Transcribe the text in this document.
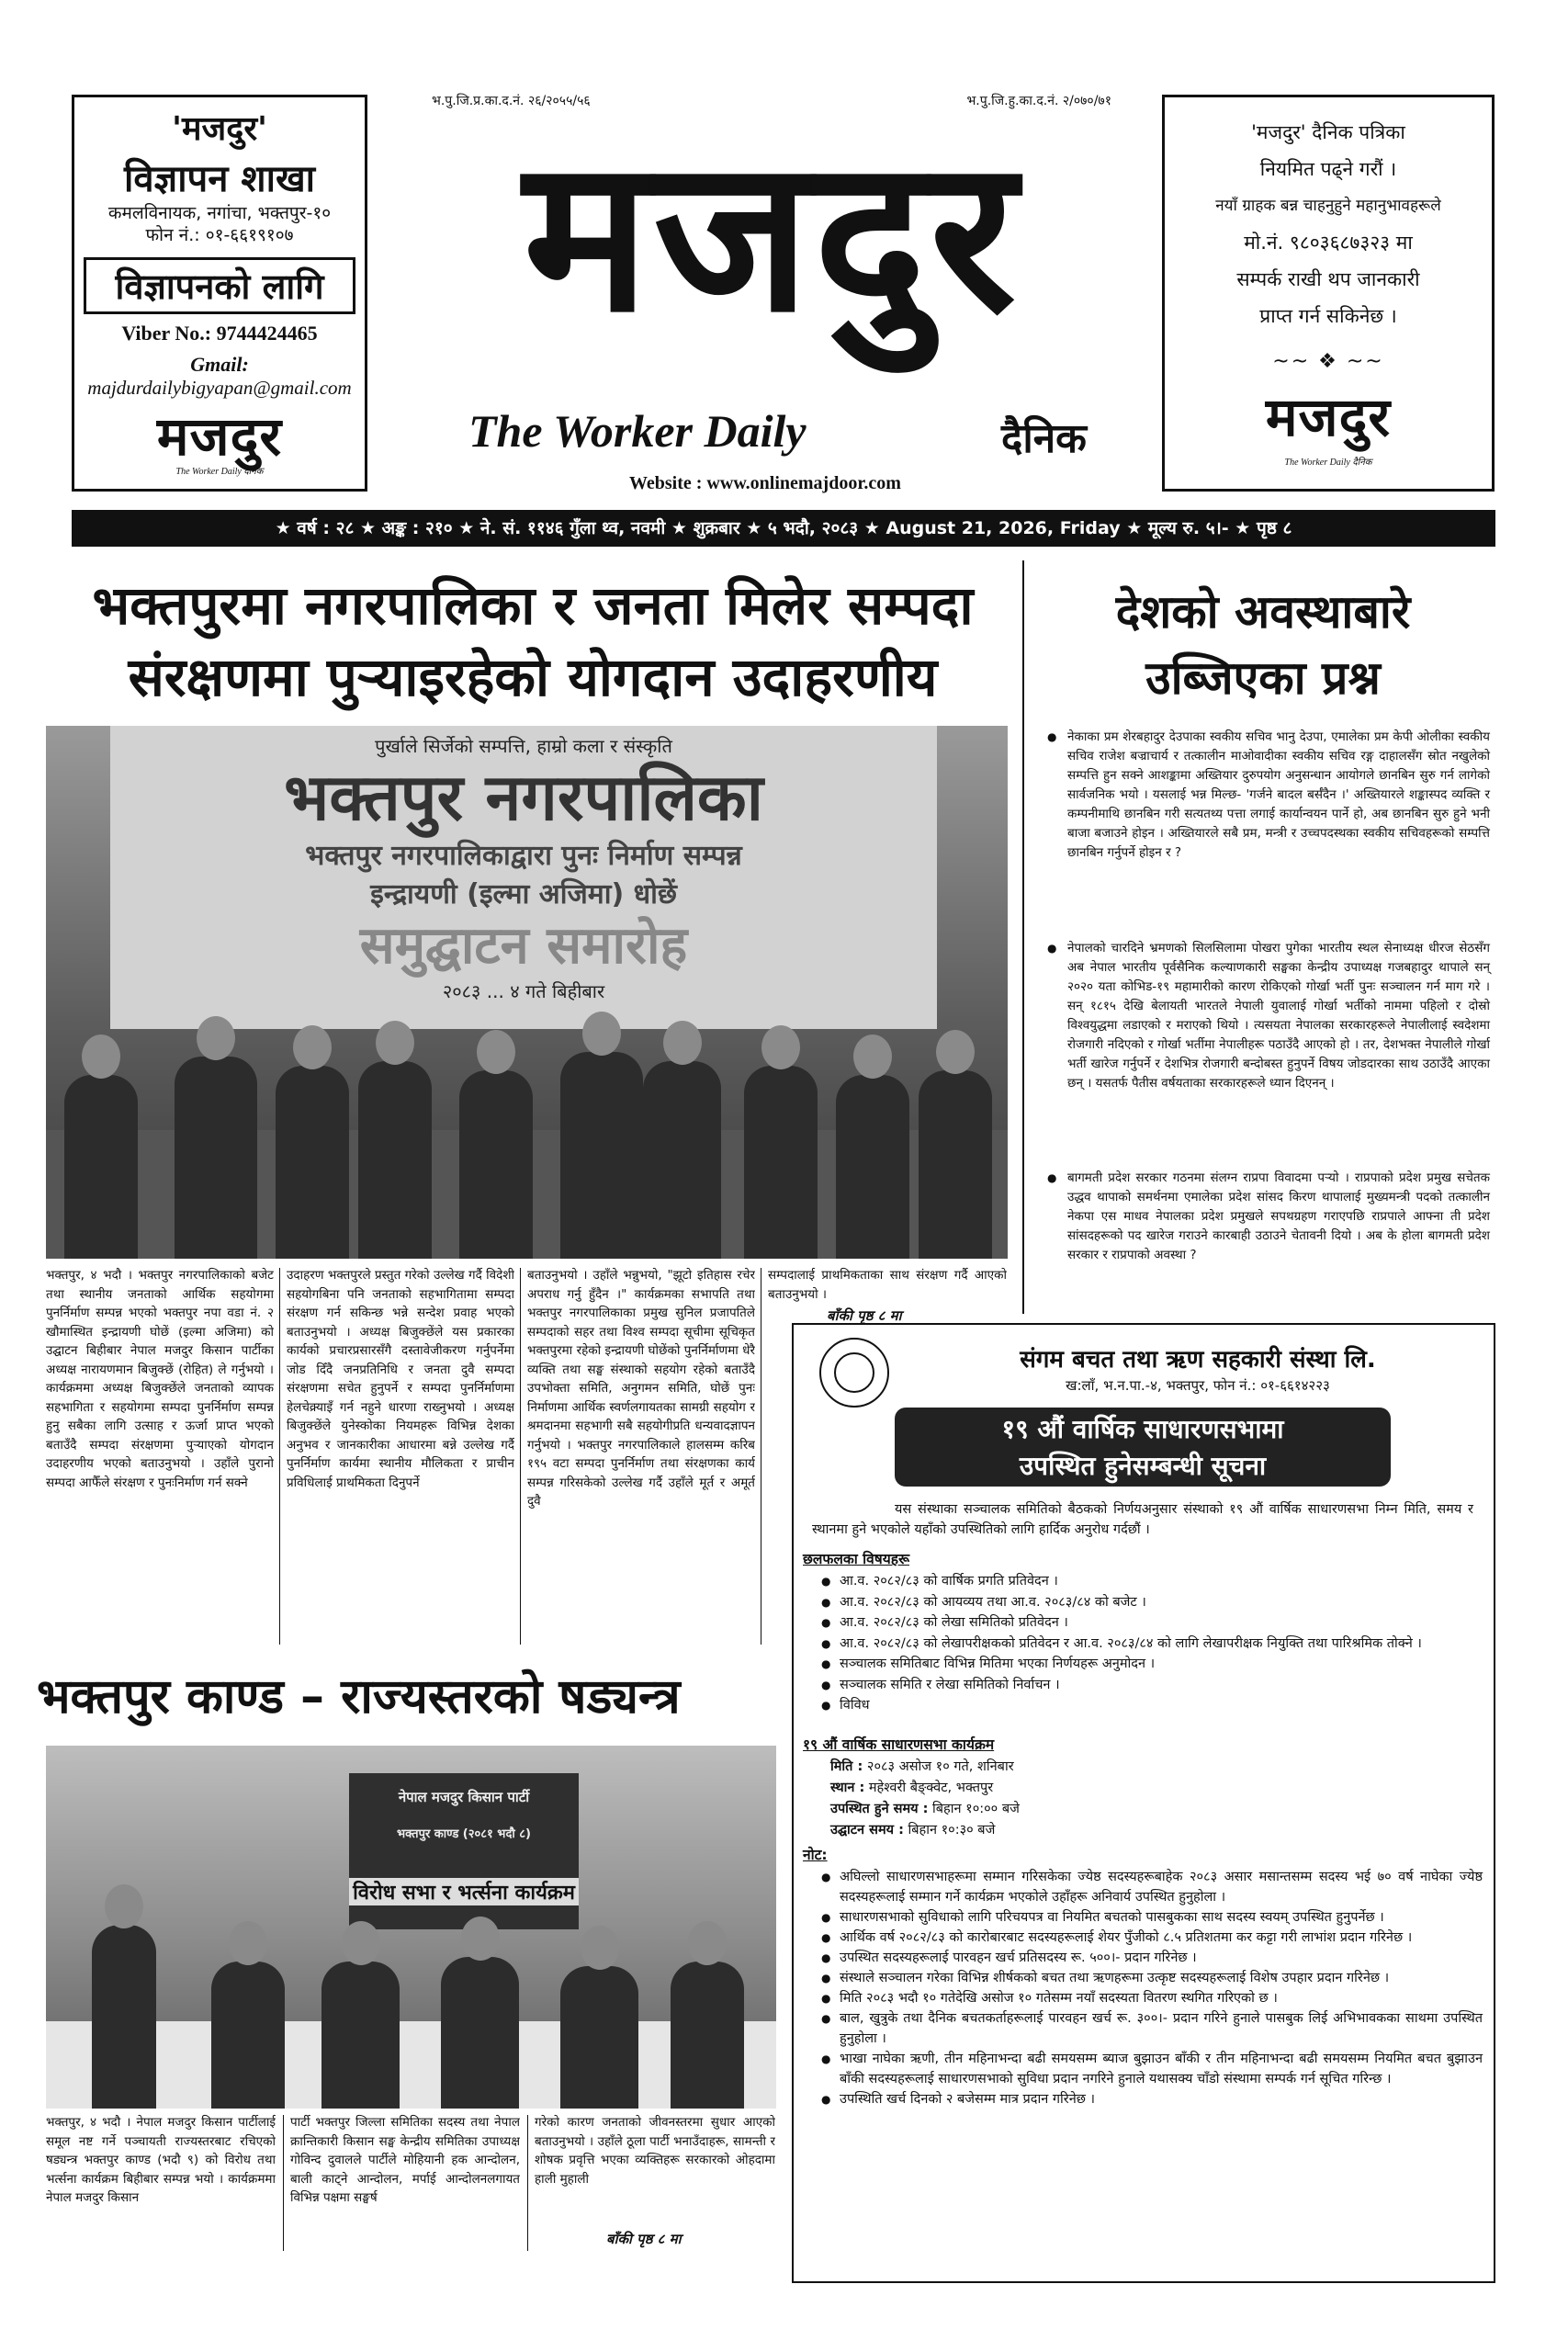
'मजदुर'
विज्ञापन शाखा
कमलविनायक, नगांचा, भक्तपुर-१०
फोन नं.: ०१-६६१९१०७
विज्ञापनको लागि
Viber No.: 9744424465
Gmail:
majdurdailybigyapan@gmail.com
मजदुर
The Worker Daily दैनिक
भ.पु.जि.प्र.का.द.नं. २६/२०५५/५६	भ.पु.जि.हु.का.द.नं. २/०७०/७१
मजदुर
The Worker Daily	दैनिक
Website : www.onlinemajdoor.com
'मजदुर' दैनिक पत्रिका
नियमित पढ्ने गरौं ।
नयाँ ग्राहक बन्न चाहनुहुने महानुभावहरूले
मो.नं. ९८०३६८७३२३ मा
सम्पर्क राखी थप जानकारी
प्राप्त गर्न सकिनेछ ।
~~ ❖ ~~
मजदुर
The Worker Daily दैनिक
★ वर्ष : २८ ★ अङ्क : २१० ★ ने. सं. ११४६ गुँला थ्व, नवमी ★ शुक्रबार ★ ५ भदौ, २०८३ ★ August 21, 2026, Friday ★ मूल्य रु. ५।- ★ पृष्ठ ८
भक्तपुरमा नगरपालिका र जनता मिलेर सम्पदा
संरक्षणमा पुऱ्याइरहेको योगदान उदाहरणीय
पुर्खाले सिर्जेको सम्पत्ति, हाम्रो कला र संस्कृति
भक्तपुर नगरपालिका
भक्तपुर नगरपालिकाद्वारा पुनः निर्माण सम्पन्न
इन्द्रायणी (इल्मा अजिमा) धोछें
समुद्घाटन समारोह
२०८३ ... ४ गते बिहीबार
भक्तपुर, ४ भदौ । भक्तपुर नगरपालिकाको बजेट तथा स्थानीय जनताको आर्थिक सहयोगमा पुनर्निर्माण सम्पन्न भएको भक्तपुर नपा वडा नं. २ खौमास्थित इन्द्रायणी घोछें (इल्मा अजिमा) को उद्घाटन बिहीबार नेपाल मजदुर किसान पार्टीका अध्यक्ष नारायणमान बिजुक्छें (रोहित) ले गर्नुभयो । कार्यक्रममा अध्यक्ष बिजुक्छेंले जनताको व्यापक सहभागिता र सहयोगमा सम्पदा पुनर्निर्माण सम्पन्न हुनु सबैका लागि उत्साह र ऊर्जा प्राप्त भएको बताउँदै सम्पदा संरक्षणमा पुऱ्याएको योगदान उदाहरणीय भएको बताउनुभयो । उहाँले पुरानो सम्पदा आफैँले संरक्षण र पुनःनिर्माण गर्न सक्ने
उदाहरण भक्तपुरले प्रस्तुत गरेको उल्लेख गर्दै विदेशी सहयोगबिना पनि जनताको सहभागितामा सम्पदा संरक्षण गर्न सकिन्छ भन्ने सन्देश प्रवाह भएको बताउनुभयो । अध्यक्ष बिजुक्छेंले यस प्रकारका कार्यको प्रचारप्रसारसँगै दस्तावेजीकरण गर्नुपर्नेमा जोड दिँदै जनप्रतिनिधि र जनता दुवै सम्पदा संरक्षणमा सचेत हुनुपर्ने र सम्पदा पुनर्निर्माणमा हेलचेक्र्याइँ गर्न नहुने धारणा राख्नुभयो । अध्यक्ष बिजुक्छेंले युनेस्कोका नियमहरू विभिन्न देशका अनुभव र जानकारीका आधारमा बन्ने उल्लेख गर्दै पुनर्निर्माण कार्यमा स्थानीय मौलिकता र प्राचीन प्रविधिलाई प्राथमिकता दिनुपर्ने
बताउनुभयो । उहाँले भन्नुभयो, "झूटो इतिहास रचेर अपराध गर्नु हुँदैन ।" कार्यक्रमका सभापति तथा भक्तपुर नगरपालिकाका प्रमुख सुनिल प्रजापतिले सम्पदाको सहर तथा विश्व सम्पदा सूचीमा सूचिकृत भक्तपुरमा रहेको इन्द्रायणी घोछेंको पुनर्निर्माणमा धेरै व्यक्ति तथा सङ्घ संस्थाको सहयोग रहेको बताउँदै उपभोक्ता समिति, अनुगमन समिति, घोछें पुनः निर्माणमा आर्थिक स्वर्णलगायतका सामग्री सहयोग र श्रमदानमा सहभागी सबै सहयोगीप्रति धन्यवादज्ञापन गर्नुभयो । भक्तपुर नगरपालिकाले हालसम्म करिब १९५ वटा सम्पदा पुनर्निर्माण तथा संरक्षणका कार्य सम्पन्न गरिसकेको उल्लेख गर्दै उहाँले मूर्त र अमूर्त दुवै
सम्पदालाई प्राथमिकताका साथ संरक्षण गर्दै आएको बताउनुभयो ।
बाँकी पृष्ठ ८ मा
देशको अवस्थाबारे
उब्जिएका प्रश्न
● नेकाका प्रम शेरबहादुर देउपाका स्वकीय सचिव भानु देउपा, एमालेका प्रम केपी ओलीका स्वकीय सचिव राजेश बज्राचार्य र तत्कालीन माओवादीका स्वकीय सचिव रङ्ग दाहालसँग स्रोत नखुलेको सम्पत्ति हुन सक्ने आशङ्कामा अख्तियार दुरुपयोग अनुसन्धान आयोगले छानबिन सुरु गर्न लागेको सार्वजनिक भयो । यसलाई भन्न मिल्छ- 'गर्जने बादल बर्सँदैन ।' अख्तियारले शङ्कास्पद व्यक्ति र कम्पनीमाथि छानबिन गरी सत्यतथ्य पत्ता लगाई कार्यान्वयन पार्ने हो, अब छानबिन सुरु हुने भनी बाजा बजाउने होइन । अख्तियारले सबै प्रम, मन्त्री र उच्चपदस्थका स्वकीय सचिवहरूको सम्पत्ति छानबिन गर्नुपर्ने होइन र ?
● नेपालको चारदिने भ्रमणको सिलसिलामा पोखरा पुगेका भारतीय स्थल सेनाध्यक्ष धीरज सेठसँग अब नेपाल भारतीय पूर्वसैनिक कल्याणकारी सङ्घका केन्द्रीय उपाध्यक्ष गजबहादुर थापाले सन् २०२० यता कोभिड-१९ महामारीको कारण रोकिएको गोर्खा भर्ती पुनः सञ्चालन गर्न माग गरे । सन् १८१५ देखि बेलायती भारतले नेपाली युवालाई गोर्खा भर्तीको नाममा पहिलो र दोस्रो विश्वयुद्धमा लडाएको र मराएको थियो । त्यसयता नेपालका सरकारहरूले नेपालीलाई स्वदेशमा रोजगारी नदिएको र गोर्खा भर्तीमा नेपालीहरू पठाउँदै आएको हो । तर, देशभक्त नेपालीले गोर्खा भर्ती खारेज गर्नुपर्ने र देशभित्र रोजगारी बन्दोबस्त हुनुपर्ने विषय जोडदारका साथ उठाउँदै आएका छन् । यसतर्फ पैतीस वर्षयताका सरकारहरूले ध्यान दिएनन् ।
● बागमती प्रदेश सरकार गठनमा संलग्न राप्रपा विवादमा पऱ्यो । राप्रपाको प्रदेश प्रमुख सचेतक उद्धव थापाको समर्थनमा एमालेका प्रदेश सांसद किरण थापालाई मुख्यमन्त्री पदको तत्कालीन नेकपा एस माधव नेपालका प्रदेश प्रमुखले सपथग्रहण गराएपछि राप्रपाले आफ्ना ती प्रदेश सांसदहरूको पद खारेज गराउने कारबाही उठाउने चेतावनी दियो । अब के होला बागमती प्रदेश सरकार र राप्रपाको अवस्था ?
भक्तपुर काण्ड – राज्यस्तरको षड्यन्त्र
नेपाल मजदुर किसान पार्टी
भक्तपुर काण्ड (२०८१ भदौ ८)
विरोध सभा र भर्त्सना कार्यक्रम
भक्तपुर, ४ भदौ । नेपाल मजदुर किसान पार्टीलाई समूल नष्ट गर्ने पञ्चायती राज्यस्तरबाट रचिएको षड्यन्त्र भक्तपुर काण्ड (भदौ ९) को विरोध तथा भर्त्सना कार्यक्रम बिहीबार सम्पन्न भयो । कार्यक्रममा नेपाल मजदुर किसान
पार्टी भक्तपुर जिल्ला समितिका सदस्य तथा नेपाल क्रान्तिकारी किसान सङ्घ केन्द्रीय समितिका उपाध्यक्ष गोविन्द दुवालले पार्टीले मोहियानी हक आन्दोलन, बाली काट्ने आन्दोलन, मर्पाई आन्दोलनलगायत विभिन्न पक्षमा सङ्घर्ष
गरेको कारण जनताको जीवनस्तरमा सुधार आएको बताउनुभयो । उहाँले ठूला पार्टी भनाउँदाहरू, सामन्ती र शोषक प्रवृत्ति भएका व्यक्तिहरू सरकारको ओहदामा हाली मुहाली
बाँकी पृष्ठ ८ मा
संगम बचत तथा ऋण सहकारी संस्था लि.
ख:लाँ, भ.न.पा.-४, भक्तपुर, फोन नं.: ०१-६६१४२२३
१९ औं वार्षिक साधारणसभामा
उपस्थित हुनेसम्बन्धी सूचना
यस संस्थाका सञ्चालक समितिको बैठकको निर्णयअनुसार संस्थाको १९ औं वार्षिक साधारणसभा निम्न मिति, समय र स्थानमा हुने भएकोले यहाँको उपस्थितिको लागि हार्दिक अनुरोध गर्दछौं ।
छलफलका विषयहरू
● आ.व. २०८२/८३ को वार्षिक प्रगति प्रतिवेदन ।
● आ.व. २०८२/८३ को आयव्यय तथा आ.व. २०८३/८४ को बजेट ।
● आ.व. २०८२/८३ को लेखा समितिको प्रतिवेदन ।
● आ.व. २०८२/८३ को लेखापरीक्षकको प्रतिवेदन र आ.व. २०८३/८४ को लागि लेखापरीक्षक नियुक्ति तथा पारिश्रमिक तोक्ने ।
● सञ्चालक समितिबाट विभिन्न मितिमा भएका निर्णयहरू अनुमोदन ।
● सञ्चालक समिति र लेखा समितिको निर्वाचन ।
● विविध
१९ औं वार्षिक साधारणसभा कार्यक्रम
मिति : २०८३ असोज १० गते, शनिबार
स्थान : महेश्वरी बैङ्क्वेट, भक्तपुर
उपस्थित हुने समय : बिहान १०:०० बजे
उद्घाटन समय : बिहान १०:३० बजे
नोट:
● अघिल्लो साधारणसभाहरूमा सम्मान गरिसकेका ज्येष्ठ सदस्यहरूबाहेक २०८३ असार मसान्तसम्म सदस्य भई ७० वर्ष नाघेका ज्येष्ठ सदस्यहरूलाई सम्मान गर्ने कार्यक्रम भएकोले उहाँहरू अनिवार्य उपस्थित हुनुहोला ।
● साधारणसभाको सुविधाको लागि परिचयपत्र वा नियमित बचतको पासबुकका साथ सदस्य स्वयम् उपस्थित हुनुपर्नेछ ।
● आर्थिक वर्ष २०८२/८३ को कारोबारबाट सदस्यहरूलाई शेयर पुँजीको ८.५ प्रतिशतमा कर कट्टा गरी लाभांश प्रदान गरिनेछ ।
● उपस्थित सदस्यहरूलाई पारवहन खर्च प्रतिसदस्य रू. ५००।- प्रदान गरिनेछ ।
● संस्थाले सञ्चालन गरेका विभिन्न शीर्षकको बचत तथा ऋणहरूमा उत्कृष्ट सदस्यहरूलाई विशेष उपहार प्रदान गरिनेछ ।
● मिति २०८३ भदौ १० गतेदेखि असोज १० गतेसम्म नयाँ सदस्यता वितरण स्थगित गरिएको छ ।
● बाल, खुत्रुके तथा दैनिक बचतकर्ताहरूलाई पारवहन खर्च रू. ३००।- प्रदान गरिने हुनाले पासबुक लिई अभिभावकका साथमा उपस्थित हुनुहोला ।
● भाखा नाघेका ऋणी, तीन महिनाभन्दा बढी समयसम्म ब्याज बुझाउन बाँकी र तीन महिनाभन्दा बढी समयसम्म नियमित बचत बुझाउन बाँकी सदस्यहरूलाई साधारणसभाको सुविधा प्रदान नगरिने हुनाले यथासक्य चाँडो संस्थामा सम्पर्क गर्न सूचित गरिन्छ ।
● उपस्थिति खर्च दिनको २ बजेसम्म मात्र प्रदान गरिनेछ ।
